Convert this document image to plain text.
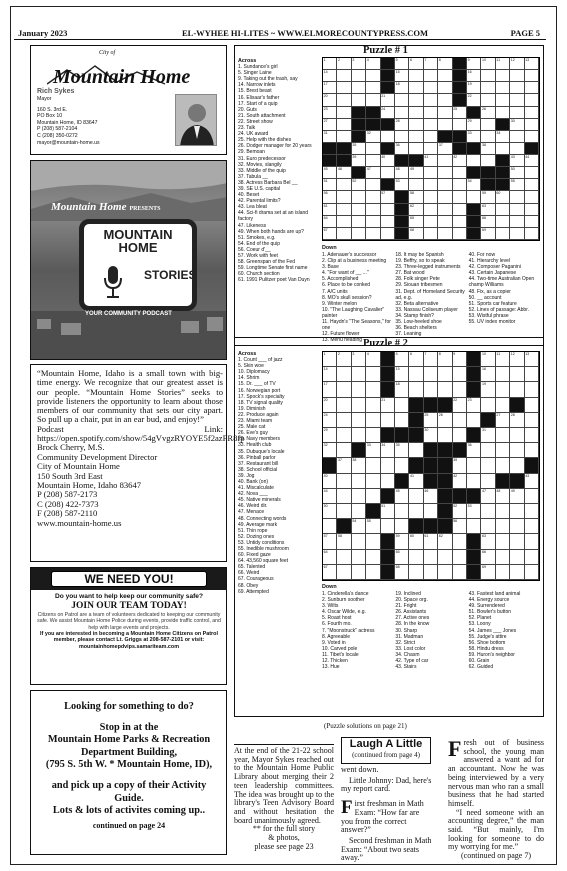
January 2023	EL-WYHEE HI-LITES ~ WWW.ELMORECOUNTYPRESS.COM	PAGE 5
City of
Mountain Home
Rich Sykes
Mayor
160 S. 3rd E.
PO Box 10
Mountain Home, ID 83647
P (208) 587-2104
C (208) 350-0272
mayor@mountain-home.us
Mountain Home PRESENTS
MOUNTAIN
HOME
STORIES
YOUR COMMUNITY PODCAST
“Mountain Home, Idaho is a small town with big-time energy. We recognize that our greatest asset is our people. “Mountain Home Stories” seeks to provide listeners the opportunity to learn about those members of our community that sets our city apart. So pull up a chair, put in an ear bud, and enjoy!”
Podcast Link: https://open.spotify.com/show/54gVvgzRYOYE5f2azPR8fp
Brock Cherry, M.S.
Community Development Director
City of Mountain Home
150 South 3rd East
Mountain Home, Idaho 83647
P (208) 587-2173
C (208) 422-7373
F (208) 587-2110
www.mountain-home.us
WE NEED YOU!
Do you want to help keep our community safe?
JOIN OUR TEAM TODAY!
Citizens on Patrol are a team of volunteers dedicated to keeping our community safe. We assist Mountain Home Police during events, provide traffic control, and help with large events and projects.
If you are interested in becoming a Mountain Home Citizens on Patrol member, please contact Lt. Griggs at 208-587-2101 or visit: mountainhomepdvips.samariteam.com
Looking for something to do?
Stop in at the
Mountain Home Parks & Recreation
Department Building,
(795 S. 5th W. * Mountain Home, ID),
and pick up a copy of their Activity
Guide.
Lots & lots of activites coming up..
continued on page 24
Puzzle # 1
Across
1. Sundance's girl
5. Singer Laine
9. Taking out the trash, say
14. Narrow inlets
15. Brest beast
16. Elisaar's father
17. Start of a quip
20. Guts
21. South attachment
22. Street show
23. Talk
24. UK award
25. Help with the dishes
26. Dodger manager for 20 years
29. Bemoan
31. Euro predecessor
32. Movies, slangily
33. Middle of the quip
37. Tabula __
38. Actress Barbara Bel __
39. SE U.S. capital
40. Beset
42. Parental limits?
43. Lea bleat
44. Sci-fi drama set at an island factory
47. Likeness
49. When both hands are up?
51. Smokes, e.g.
54. End of the quip
56. Coeur d'__
57. Work with feet
58. Greenspan of the Fed
59. Longtime Senate first name
60. Church section
61. 1991 Pulitzer poet Van Duyn
1	2	3	4	5	6	7	8	9	10	11	12	13
14	15	16
17	18	19
20	21	22
23	24	25	26
27	28	29	30
31	32	33	34
35	36	37	38
39	40	41	42	43	44
45	46	47	48	49	50
51	52	53	54	55
56	57	58	59	60
61	62	63
64	65	66
67	68	69
Down
1. Adenauer's successor
2. Clip at a business meeting
3. Base
4. "For want of __ ..."
5. Accomplished
6. Place to be conked
7. A/C units
8. MO's skull session?
9. Winter melon
10. "The Laughing Cavalier" painter
11. Haydn's "The Seasons," for one
12. Future flower
13. Menu heading
18. It may be Spanish
19. Beffry, so to speak
23. Three-legged instruments
27. Bat wood
28. Folk singer Pete
29. Siouan tribesmen
31. Dept. of Homeland Security ad, e.g.
32. Beta alternative
33. Nassau Coliseum player
34. Stamp finish?
35. Low-heeled shoe
36. Beach shelters
37. Leaning
40. For now
41. Hierarchy level
42. Composer Paganini
43. Certain Japanese
44. Two-time Australian Open champ Williams
48. Fix, as a copier
50. __ account
51. Sports car feature
52. Lines of passage: Abbr.
53. Wistful phrase
55. UV index monitor
Puzzle # 2
Across
1. Count ___ of jazz
5. Skin woe
10. Diplomacy
14. Shrim
15. Dr. ___ of TV
16. Norwegian port
17. Spock's specialty
18. TV signal quality
19. Diminish
22. Produce again
23. Miami team
25. Male cat
26. Eve's guy
29. Navy members
33. Health club
35. Dubuque's locale
36. Pinball parlor
37. Restaurant bill
38. School official
39. Jog
40. Bank (on)
41. Miscalculate
42. Nova ___
45. Native minerals
46. Weird dir.
47. Menace
48. Connecting words
49. Average mark
51. Thin rope
52. Dozing ones
53. Untidy conditions
55. Inedible mushroom
60. Fixed gaze
64. 43,560 square feet
65. Talented
66. Weird
67. Courageous
68. Obey
69. Attempted
1	2	3	4	5	6	7	8	9	10	11	12	13
14	15	16
17	18	19
20	21	22	23
24	25	26	27	28
29	30	31
32	33	34	35	36
37	38	39
40	41	42	43
44	45	46	47	48	49
50	51	52	53
54	55	56
57	58	59	60	61	62	63
64	65	66
67	68	69
Down
1. Cinderella's dance
2. Sunburn soother
3. Wilts
4. Oscar Wilde, e.g.
5. Roast host
6. Fourth mo.
7. "Moonstruck" actress
8. Agreeable
9. Voted in
10. Carved pole
11. Tibet's locale
12. Thicken
13. Hue
19. Inclined
20. Space org.
21. Fright
26. Assistants
27. Active ones
28. In the know
30. Sharp
31. Madman
32. Strict
33. Lost color
34. Chasm
42. Type of car
43. Stairs
43. Fastest land animal
44. Energy source
49. Surrendered
51. Bowler's button
52. Planet
53. Loony
54. James ___ Jones
55. Judge's attire
56. Shoe bottom
58. Hindu dress
59. Huron's neighbor
60. Grain
62. Guided
(Puzzle solutions on page 21)
At the end of the 21-22 school year, Mayor Sykes reached out to the Mountain Home Public Library about merging their 2 teen leadership committees. The idea was brought up to the library's Teen Advisory Board and without hesitation the board unanimously agreed.
** for the full story
& photos,
please see page 23
Laugh A Little
(continued from page 4)

went down.

Little Johnny: Dad, here's my report card.

First freshman in Math Exam: “How far are you from the correct answer?”

Second freshman in Math Exam: “About two seats away.”

Fresh out of business school, the young man answered a want ad for an accountant. Now he was being interviewed by a very nervous man who ran a small business that he had started himself.
“I need someone with an accounting degree,” the man said. “But mainly, I'm looking for someone to do my worrying for me.”
(continued on page 7)
